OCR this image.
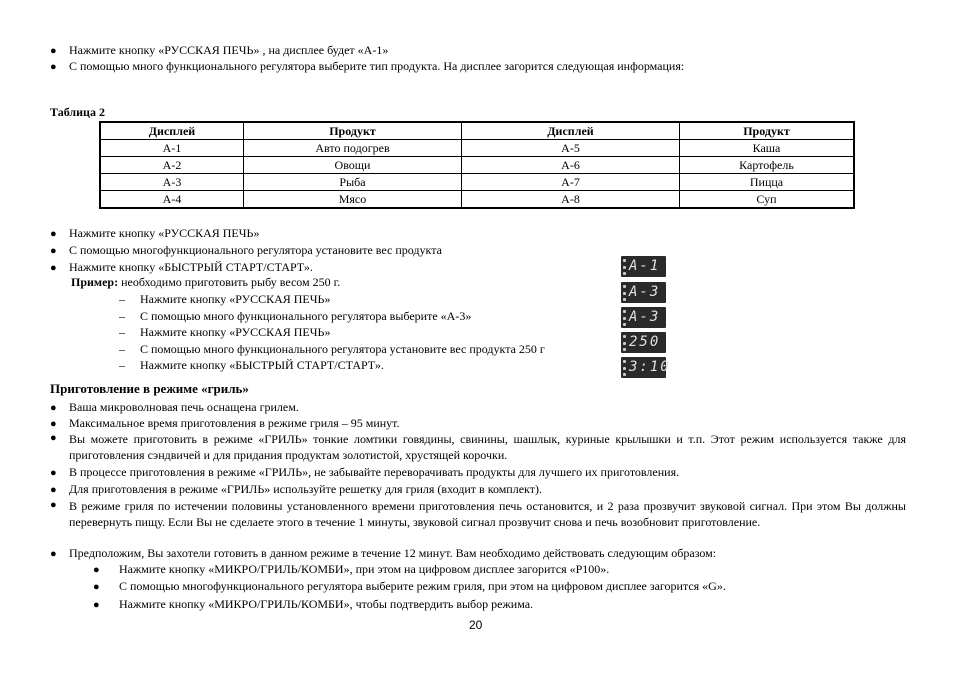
● Нажмите кнопку «РУССКАЯ ПЕЧЬ» , на дисплее будет «А-1»
● С помощью много функционального регулятора выберите тип продукта. На дисплее загорится следующая информация:
Таблица 2
Дисплей	Продукт	Дисплей	Продукт
A-1	Авто подогрев	A-5	Каша
A-2	Овощи	A-6	Картофель
A-3	Рыба	A-7	Пицца
A-4	Мясо	A-8	Суп
● Нажмите кнопку «РУССКАЯ ПЕЧЬ»
● С помощью многофункционального регулятора установите вес продукта
● Нажмите кнопку «БЫСТРЫЙ СТАРТ/СТАРТ».
Пример: необходимо приготовить рыбу весом 250 г.
– Нажмите кнопку «РУССКАЯ ПЕЧЬ»
– С помощью много функционального регулятора выберите «А-3»
– Нажмите кнопку «РУССКАЯ ПЕЧЬ»
– С помощью много функционального регулятора установите вес продукта 250 г
– Нажмите кнопку «БЫСТРЫЙ СТАРТ/СТАРТ».
A-1
A-3
A-3
250
3:10
Приготовление в режиме «гриль»
● Ваша микроволновая печь оснащена грилем.
● Максимальное время приготовления в режиме гриля – 95 минут.
● Вы можете приготовить в режиме «ГРИЛЬ» тонкие ломтики говядины, свинины, шашлык, куриные крылышки и т.п. Этот режим используется также для приготовления сэндвичей и для придания продуктам золотистой, хрустящей корочки.
● В процессе приготовления в режиме «ГРИЛЬ», не забывайте переворачивать продукты для лучшего их приготовления.
● Для приготовления в режиме «ГРИЛЬ» используйте решетку для гриля (входит в комплект).
● В режиме гриля по истечении половины установленного времени приготовления печь остановится, и 2 раза прозвучит звуковой сигнал. При этом Вы должны перевернуть пищу. Если Вы не сделаете этого в течение 1 минуты, звуковой сигнал прозвучит снова и печь возобновит приготовление.
● Предположим, Вы захотели готовить в данном режиме в течение 12 минут. Вам необходимо действовать следующим образом:
● Нажмите кнопку «МИКРО/ГРИЛЬ/КОМБИ», при этом на цифровом дисплее загорится «P100».
● С помощью многофункционального регулятора выберите режим гриля, при этом на цифровом дисплее загорится «G».
● Нажмите кнопку «МИКРО/ГРИЛЬ/КОМБИ», чтобы подтвердить выбор режима.
20
